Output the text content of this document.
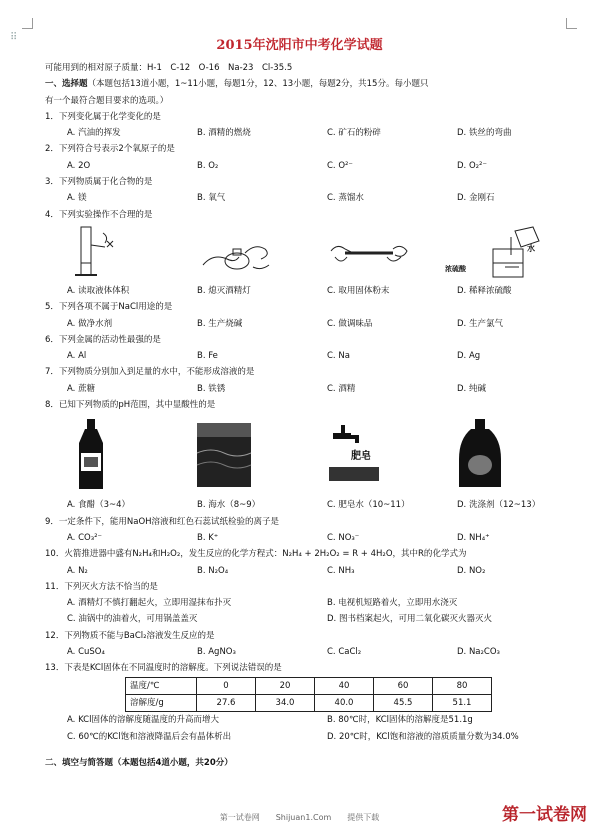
⠿
2015年沈阳市中考化学试题
可能用到的相对原子质量：H-1　C-12　O-16　Na-23　Cl-35.5
一、选择题（本题包括13道小题，1~11小题，每题1分，12、13小题，每题2分，共15分。每小题只
有一个最符合题目要求的选项。）
1．下列变化属于化学变化的是
A. 汽油的挥发	B. 酒精的燃烧	C. 矿石的粉碎	D. 铁丝的弯曲
2．下列符合号表示2个氧原子的是
A. 2O	B. O₂	C. O²⁻	D. O₂²⁻
3．下列物质属于化合物的是
A. 镁	B. 氧气	C. 蒸馏水	D. 金刚石
4．下列实验操作不合理的是
浓硫酸
水
A. 读取液体体积	B. 熄灭酒精灯	C. 取用固体粉末	D. 稀释浓硫酸
5．下列各项不属于NaCl用途的是
A. 做净水剂	B. 生产烧碱	C. 做调味品	D. 生产氯气
6．下列金属的活动性最强的是
A. Al	B. Fe	C. Na	D. Ag
7．下列物质分别加入到足量的水中，不能形成溶液的是
A. 蔗糖	B. 铁锈	C. 酒精	D. 纯碱
8．已知下列物质的pH范围，其中显酸性的是
肥皂
A. 食醋（3~4）	B. 海水（8~9）	C. 肥皂水（10~11）	D. 洗涤剂（12~13）
9．一定条件下，能用NaOH溶液和红色石蕊试纸检验的离子是
A. CO₃²⁻	B. K⁺	C. NO₃⁻	D. NH₄⁺
10．火箭推进器中盛有N₂H₄和H₂O₂，发生反应的化学方程式：N₂H₄ + 2H₂O₂ = R + 4H₂O，其中R的化学式为
A. N₂	B. N₂O₄	C. NH₃	D. NO₂
11．下列灭火方法不恰当的是
A. 酒精灯不慎打翻起火，立即用湿抹布扑灭	B. 电视机短路着火，立即用水浇灭
C. 油锅中的油着火，可用锅盖盖灭	D. 图书档案起火，可用二氧化碳灭火器灭火
12．下列物质不能与BaCl₂溶液发生反应的是
A. CuSO₄	B. AgNO₃	C. CaCl₂	D. Na₂CO₃
13．下表是KCl固体在不同温度时的溶解度。下列说法错误的是
温度/℃	0	20	40	60	80
溶解度/g	27.6	34.0	40.0	45.5	51.1
A. KCl固体的溶解度随温度的升高而增大	B. 80℃时，KCl固体的溶解度是51.1g
C. 60℃的KCl饱和溶液降温后会有晶体析出	D. 20℃时，KCl饱和溶液的溶质质量分数为34.0%
二、填空与简答题（本题包括4道小题，共20分）
第一试卷网　　Shijuan1.Com　　提供下载	第一试卷网
